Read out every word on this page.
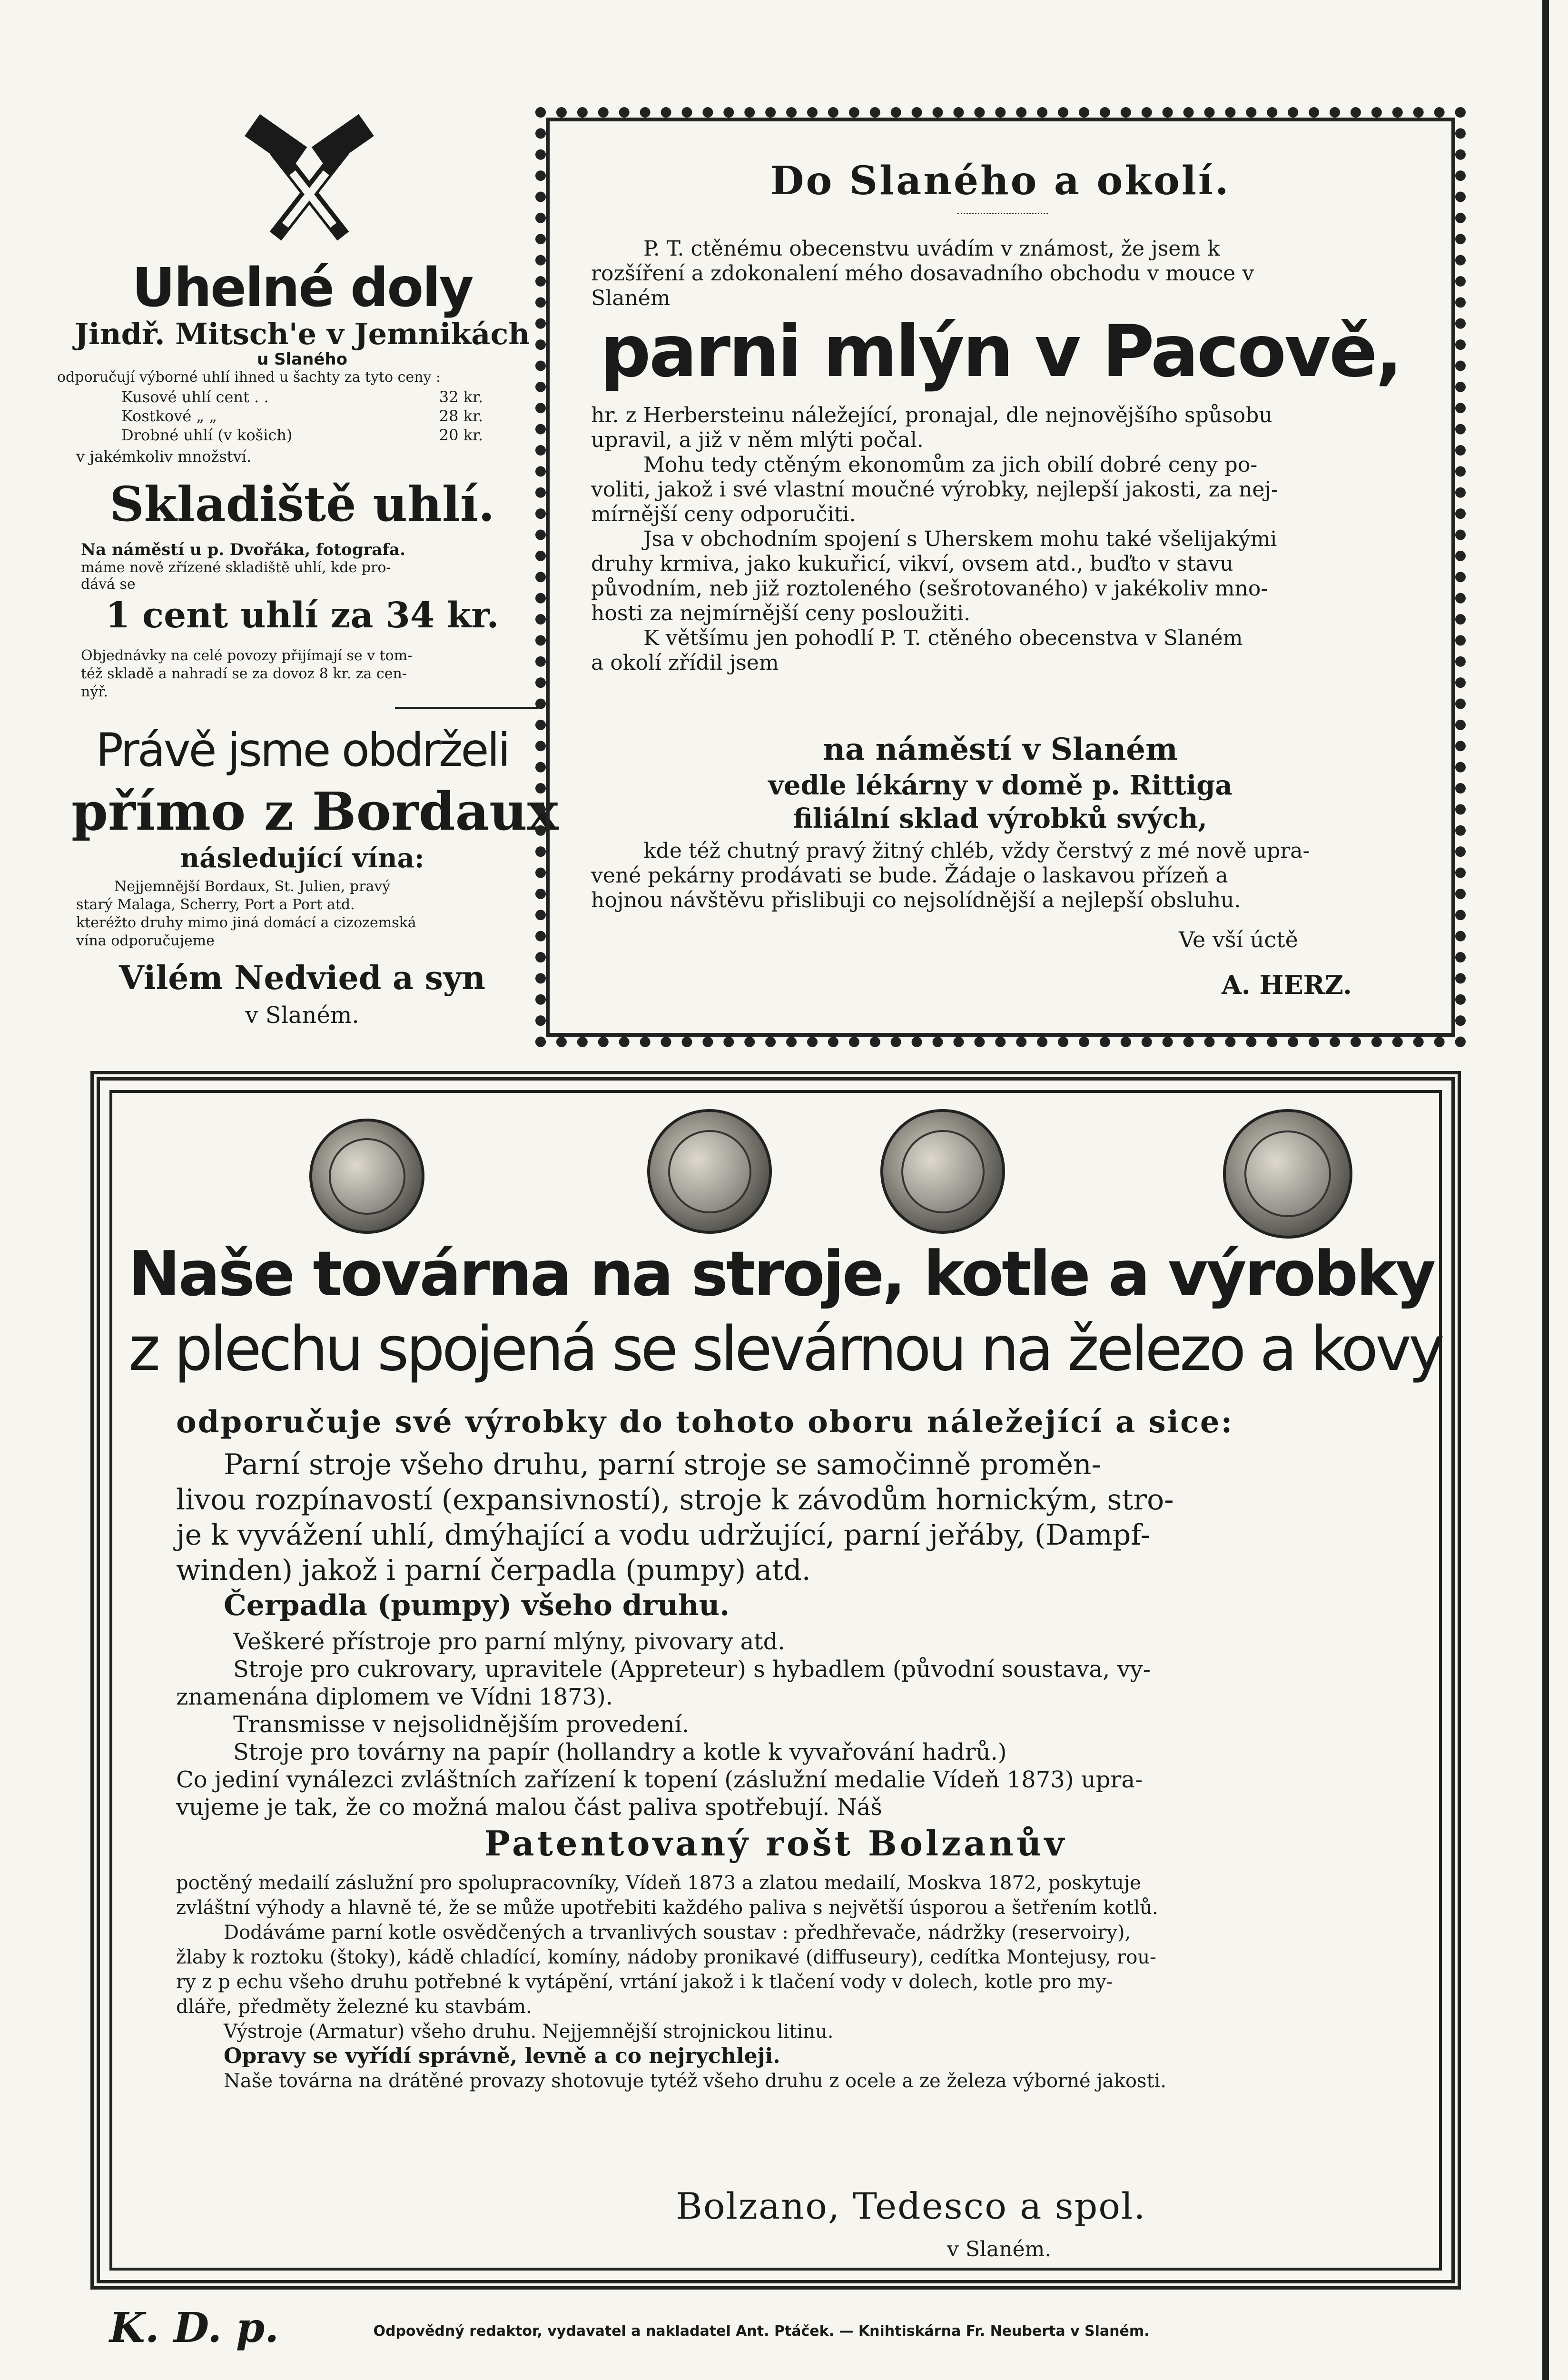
Uhelné doly
Jindř. Mitsch'e v Jemnikách
u Slaného
odporučují výborné uhlí ihned u šachty za tyto ceny :
Kusové uhlí cent . .	32 kr.
Kostkové „ „	28 kr.
Drobné uhlí (v košich)	20 kr.
v jakémkoliv množství.
Skladiště uhlí.
Na náměstí u p. Dvořáka, fotografa.
máme nově zřízené skladiště uhlí, kde pro-
dává se
1 cent uhlí za 34 kr.
Objednávky na celé povozy přijímají se v tom-
též skladě a nahradí se za dovoz 8 kr. za cen-
nýř.
Právě jsme obdrželi
přímo z Bordaux
následující vína:
Nejjemnější Bordaux, St. Julien, pravý
starý Malaga, Scherry, Port a Port atd.
kteréžto druhy mimo jiná domácí a cizozemská
vína odporučujeme
Vilém Nedvied a syn
v Slaném.
Do Slaného a okolí.
P. T. ctěnému obecenstvu uvádím v známost, že jsem k
rozšíření a zdokonalení mého dosavadního obchodu v mouce v
Slaném
parni mlýn v Pacově,
hr. z Herbersteinu náležející, pronajal, dle nejnovějšího spůsobu
upravil, a již v něm mlýti počal.
Mohu tedy ctěným ekonomům za jich obilí dobré ceny po-
voliti, jakož i své vlastní moučné výrobky, nejlepší jakosti, za nej-
mírnější ceny odporučiti.
Jsa v obchodním spojení s Uherskem mohu také všelijakými
druhy krmiva, jako kukuřicí, vikví, ovsem atd., buďto v stavu
původním, neb již roztoleného (sešrotovaného) v jakékoliv mno-
hosti za nejmírnější ceny posloužiti.
K většímu jen pohodlí P. T. ctěného obecenstva v Slaném
a okolí zřídil jsem
na náměstí v Slaném
vedle lékárny v domě p. Rittiga
filiální sklad výrobků svých,
kde též chutný pravý žitný chléb, vždy čerstvý z mé nově upra-
vené pekárny prodávati se bude. Žádaje o laskavou přízeň a
hojnou návštěvu přislibuji co nejsolídnější a nejlepší obsluhu.
Ve vší úctě
A. HERZ.
Naše továrna na stroje, kotle a výrobky
z plechu spojená se slevárnou na železo a kovy
odporučuje své výrobky do tohoto oboru náležející a sice:
Parní stroje všeho druhu, parní stroje se samočinně proměn-
livou rozpínavostí (expansivností), stroje k závodům hornickým, stro-
je k vyvážení uhlí, dmýhající a vodu udržující, parní jeřáby, (Dampf-
winden) jakož i parní čerpadla (pumpy) atd.
Čerpadla (pumpy) všeho druhu.
Veškeré přístroje pro parní mlýny, pivovary atd.
Stroje pro cukrovary, upravitele (Appreteur) s hybadlem (původní soustava, vy-
znamenána diplomem ve Vídni 1873).
Transmisse v nejsolidnějším provedení.
Stroje pro továrny na papír (hollandry a kotle k vyvařování hadrů.)
Co jediní vynálezci zvláštních zařízení k topení (záslužní medalie Vídeň 1873) upra-
vujeme je tak, že co možná malou část paliva spotřebují. Náš
Patentovaný rošt Bolzanův
poctěný medailí záslužní pro spolupracovníky, Vídeň 1873 a zlatou medailí, Moskva 1872, poskytuje
zvláštní výhody a hlavně té, že se může upotřebiti každého paliva s největší úsporou a šetřením kotlů.
Dodáváme parní kotle osvědčených a trvanlivých soustav : předhřevače, nádržky (reservoiry),
žlaby k roztoku (štoky), kádě chladící, komíny, nádoby pronikavé (diffuseury), cedítka Montejusy, rou-
ry z p echu všeho druhu potřebné k vytápění, vrtání jakož i k tlačení vody v dolech, kotle pro my-
dláře, předměty železné ku stavbám.
Výstroje (Armatur) všeho druhu. Nejjemnější strojnickou litinu.
Opravy se vyřídí správně, levně a co nejrychleji.
Naše továrna na drátěné provazy shotovuje tytéž všeho druhu z ocele a ze železa výborné jakosti.
Bolzano, Tedesco a spol.
v Slaném.
K. D. p.	Odpovědný redaktor, vydavatel a nakladatel Ant. Ptáček. — Knihtiskárna Fr. Neuberta v Slaném.
